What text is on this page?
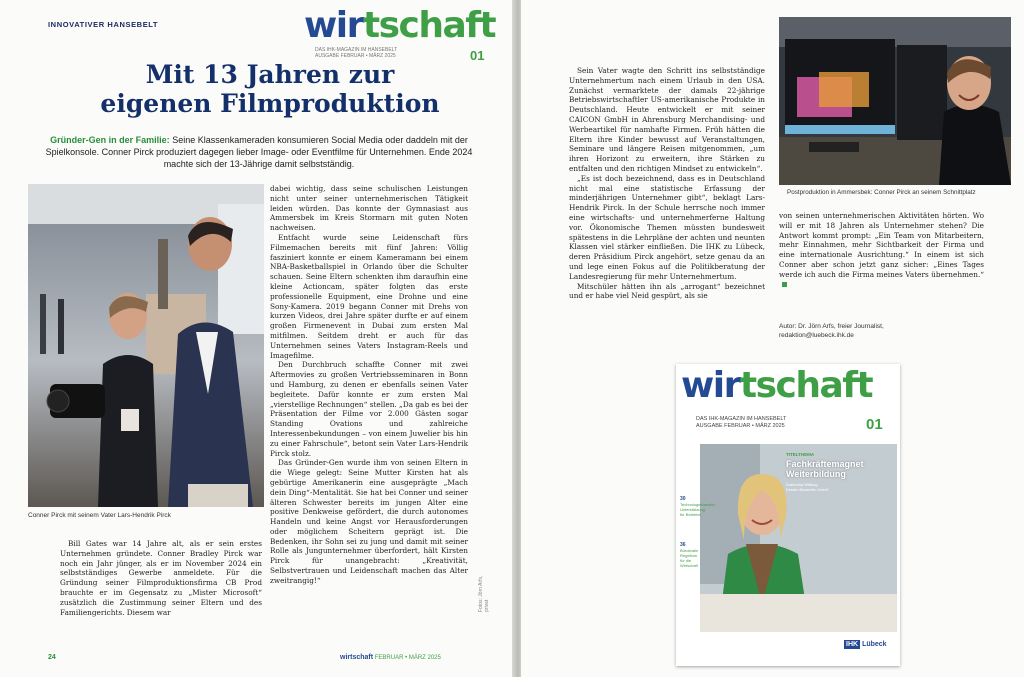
INNOVATIVER HANSEBELT	wirtschaft
DAS IHK-MAGAZIN IM HANSEBELT
AUSGABE FEBRUAR • MÄRZ 2025	01
Mit 13 Jahren zur
eigenen Filmproduktion

Gründer-Gen in der Familie: Seine Klassenkameraden konsumieren Social Media oder daddeln mit der Spielkonsole. Conner Pirck produziert dagegen lieber Image- oder Eventfilme für Unternehmen. Ende 2024 machte sich der 13-Jährige damit selbstständig.

Conner Pirck mit seinem Vater Lars-Hendrik Pirck

Bill Gates war 14 Jahre alt, als er sein erstes Unternehmen gründete. Conner Bradley Pirck war noch ein Jahr jünger, als er im November 2024 ein selbstständiges Gewerbe anmeldete. Für die Gründung seiner Filmproduktionsfirma CB Prod brauchte er im Gegensatz zu „Mister Microsoft“ zusätzlich die Zustimmung seiner Eltern und des Familiengerichts. Diesem war

dabei wichtig, dass seine schulischen Leistungen nicht unter seiner unternehmerischen Tätigkeit leiden würden. Das konnte der Gymnasiast aus Ammersbek im Kreis Stormarn mit guten Noten nachweisen.

Entfacht wurde seine Leidenschaft fürs Filmemachen bereits mit fünf Jahren: Völlig fasziniert konnte er einem Kameramann bei einem NBA-Basketballspiel in Orlando über die Schulter schauen. Seine Eltern schenkten ihm daraufhin eine kleine Actioncam, später folgten das erste professionelle Equipment, eine Drohne und eine Sony-Kamera. 2019 begann Conner mit Drehs von kurzen Videos, drei Jahre später durfte er auf einem großen Firmenevent in Dubai zum ersten Mal mitfilmen. Seitdem dreht er auch für das Unternehmen seines Vaters Instagram-Reels und Imagefilme.

Den Durchbruch schaffte Conner mit zwei Aftermovies zu großen Vertriebsseminaren in Bonn und Hamburg, zu denen er ebenfalls seinen Vater begleitete. Dafür konnte er zum ersten Mal „vierstellige Rechnungen“ stellen. „Da gab es bei der Präsentation der Filme vor 2.000 Gästen sogar Standing Ovations und zahlreiche Interessenbekundungen – von einem Juwelier bis hin zu einer Fahrschule“, betont sein Vater Lars-Hendrik Pirck stolz.

Das Gründer-Gen wurde ihm von seinen Eltern in die Wiege gelegt: Seine Mutter Kirsten hat als gebürtige Amerikanerin eine ausgeprägte „Mach dein Ding“-Mentalität. Sie hat bei Conner und seiner älteren Schwester bereits im jungen Alter eine positive Denkweise gefördert, die durch autonomes Handeln und keine Angst vor Herausforderungen oder möglichem Scheitern geprägt ist. Die Bedenken, ihr Sohn sei zu jung und damit mit seiner Rolle als Jungunternehmer überfordert, hält Kirsten Pirck für unangebracht: „Kreativität, Selbstvertrauen und Leidenschaft machen das Alter zweitrangig!“	Fotos: Jörn Arfs, privat
24	wirtschaft FEBRUAR • MÄRZ 2025

Sein Vater wagte den Schritt ins selbstständige Unternehmertum nach einem Urlaub in den USA. Zunächst vermarktete der damals 22-jährige Betriebswirtschaftler US-amerikanische Produkte in Deutschland. Heute entwickelt er mit seiner CAICON GmbH in Ahrensburg Merchandising- und Werbeartikel für namhafte Firmen. Früh hätten die Eltern ihre Kinder bewusst auf Veranstaltungen, Seminare und längere Reisen mitgenommen, „um ihren Horizont zu erweitern, ihre Stärken zu entfalten und den richtigen Mindset zu entwickeln“.

„Es ist doch bezeichnend, dass es in Deutschland nicht mal eine statistische Erfassung der minderjährigen Unternehmer gibt“, beklagt Lars-Hendrik Pirck. In der Schule herrsche noch immer eine wirtschafts- und unternehmerferne Haltung vor. Ökonomische Themen müssten bundesweit spätestens in die Lehrpläne der achten und neunten Klassen viel stärker einfließen. Die IHK zu Lübeck, deren Präsidium Pirck angehört, setze genau da an und lege einen Fokus auf die Politikberatung der Landesregierung für mehr Unternehmertum.

Mitschüler hätten ihn als „arrogant“ bezeichnet und er habe viel Neid gespürt, als sie

Postproduktion in Ammersbek: Conner Pirck an seinem Schnittplatz

von seinen unternehmerischen Aktivitäten hörten. Wo will er mit 18 Jahren als Unternehmer stehen? Die Antwort kommt prompt: „Ein Team von Mitarbeitern, mehr Einnahmen, mehr Sichtbarkeit der Firma und eine internationale Ausrichtung.“ In einem ist sich Conner aber schon jetzt ganz sicher: „Eines Tages werde ich auch die Firma meines Vaters übernehmen.“

Autor: Dr. Jörn Arfs, freier Journalist,
redaktion@luebeck.ihk.de
wirtschaft
DAS IHK-MAGAZIN IM HANSEBELT
AUSGABE FEBRUAR • MÄRZ 2025	01
TITELTHEMA
Fachkräftemagnet
Weiterbildung
Katharina Wittkug
Kirsten Bauwelle GmbH
30
Technologietransfer
Unterstützung
für Betriebe
36
Bürokratie
Regeltum
für die
Wirtschaft
IHK Lübeck
